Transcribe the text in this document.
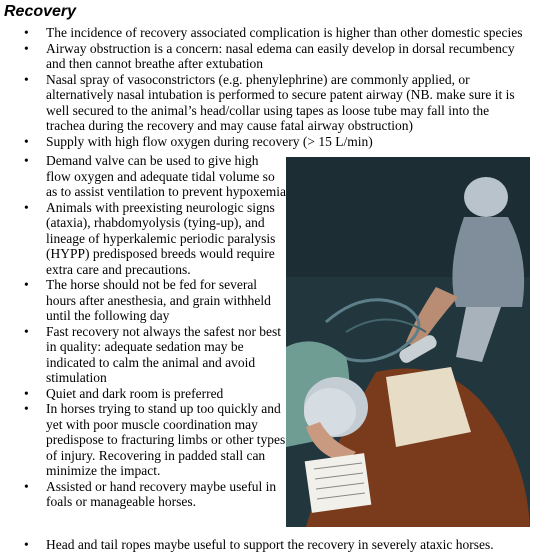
Recovery
• The incidence of recovery associated complication is higher than other domestic species
• Airway obstruction is a concern: nasal edema can easily develop in dorsal recumbency and then cannot breathe after extubation
• Nasal spray of vasoconstrictors (e.g. phenylephrine) are commonly applied, or alternatively nasal intubation is performed to secure patent airway (NB. make sure it is well secured to the animal’s head/collar using tapes as loose tube may fall into the trachea during the recovery and may cause fatal airway obstruction)
• Supply with high flow oxygen during recovery (> 15 L/min)
• Demand valve can be used to give high flow oxygen and adequate tidal volume so as to assist ventilation to prevent hypoxemia
• Animals with preexisting neurologic signs (ataxia), rhabdomyolysis (tying-up), and lineage of hyperkalemic periodic paralysis (HYPP) predisposed breeds would require extra care and precautions.
• The horse should not be fed for several hours after anesthesia, and grain withheld until the following day
• Fast recovery not always the safest nor best in quality: adequate sedation may be indicated to calm the animal and avoid stimulation
• Quiet and dark room is preferred
• In horses trying to stand up too quickly and yet with poor muscle coordination may predispose to fracturing limbs or other types of injury. Recovering in padded stall can minimize the impact.
• Assisted or hand recovery maybe useful in foals or manageable horses.
• Head and tail ropes maybe useful to support the recovery in severely ataxic horses.
